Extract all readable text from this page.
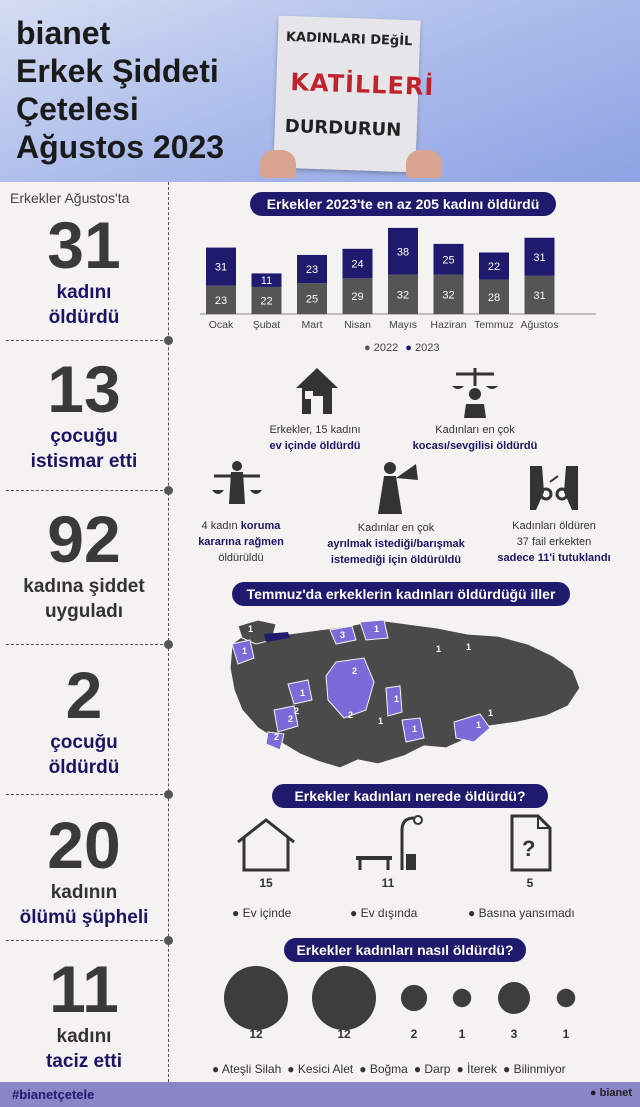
bianet
Erkek Şiddeti
Çetelesi
Ağustos 2023
KADINLARI DEğİL
KATİLLERİ
DURDURUN
Erkekler Ağustos'ta
31
kadını
öldürdü
13
çocuğu
istismar etti
92
kadına şiddet
uyguladı
2
çocuğu
öldürdü
20
kadının
ölümü şüpheli
11
kadını
taciz etti
Erkekler 2023'te en az 205 kadını öldürdü
23
31
Ocak
22
11
Şubat
25
23
Mart
29
24
Nisan
32
38
Mayıs
32
25
Haziran
28
22
Temmuz
31
31
Ağustos
● 2022 ● 2023
Erkekler, 15 kadını
ev içinde öldürdü
Kadınları en çok
kocası/sevgilisi öldürdü
4 kadın koruma
kararına rağmen
öldürüldü
Kadınlar en çok
ayrılmak istediği/barışmak
istemediği için öldürüldü
Kadınları öldüren
37 fail erkekten
sadece 11'i tutuklandı
Temmuz'da erkeklerin kadınları öldürdüğü iller
1
1
3
1
1	1
1
2
2
1
1
2
2
2
1
1
1
Erkekler kadınları nerede öldürdü?
?
15	11	5
● Ev içinde	● Ev dışında	● Basına yansımadı
Erkekler kadınları nasıl öldürdü?
12	12	2	1	3	1
● Ateşli Silah ● Kesici Alet ● Boğma ● Darp ● İterek ● Bilinmiyor
#bianetçetele	● bianet
